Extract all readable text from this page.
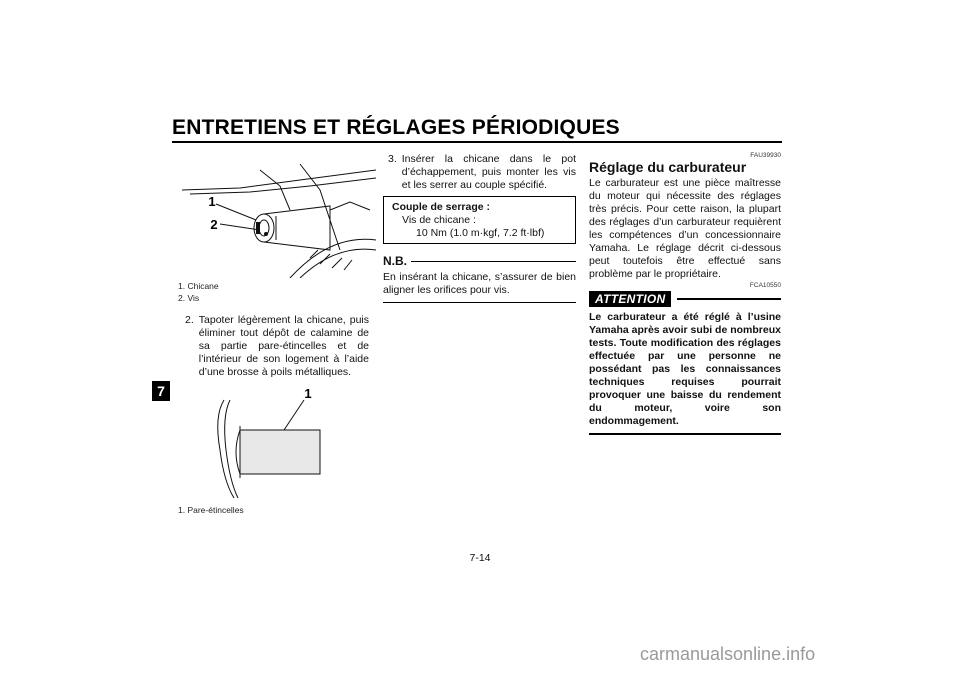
ENTRETIENS ET RÉGLAGES PÉRIODIQUES
7
1
2
1. Chicane
2. Vis
2. Tapoter légèrement la chicane, puis éliminer tout dépôt de calamine de sa partie pare-étincelles et de l’intérieur de son logement à l’aide d’une brosse à poils métalliques.
1
1. Pare-étincelles
3. Insérer la chicane dans le pot d’échappement, puis monter les vis et les serrer au couple spécifié.
Couple de serrage :
Vis de chicane :
10 Nm (1.0 m·kgf, 7.2 ft·lbf)
N.B.
En insérant la chicane, s’assurer de bien aligner les orifices pour vis.
FAU39930
Réglage du carburateur
Le carburateur est une pièce maîtresse du moteur qui nécessite des réglages très précis. Pour cette raison, la plupart des réglages d’un carburateur requièrent les compétences d’un concessionnaire Yamaha. Le réglage décrit ci-dessous peut toutefois être effectué sans problème par le propriétaire.
FCA10550
ATTENTION
Le carburateur a été réglé à l’usine Yamaha après avoir subi de nombreux tests. Toute modification des réglages effectuée par une personne ne possédant pas les connaissances techniques requises pourrait provoquer une baisse du rendement du moteur, voire son endommagement.
7-14
carmanualsonline.info
